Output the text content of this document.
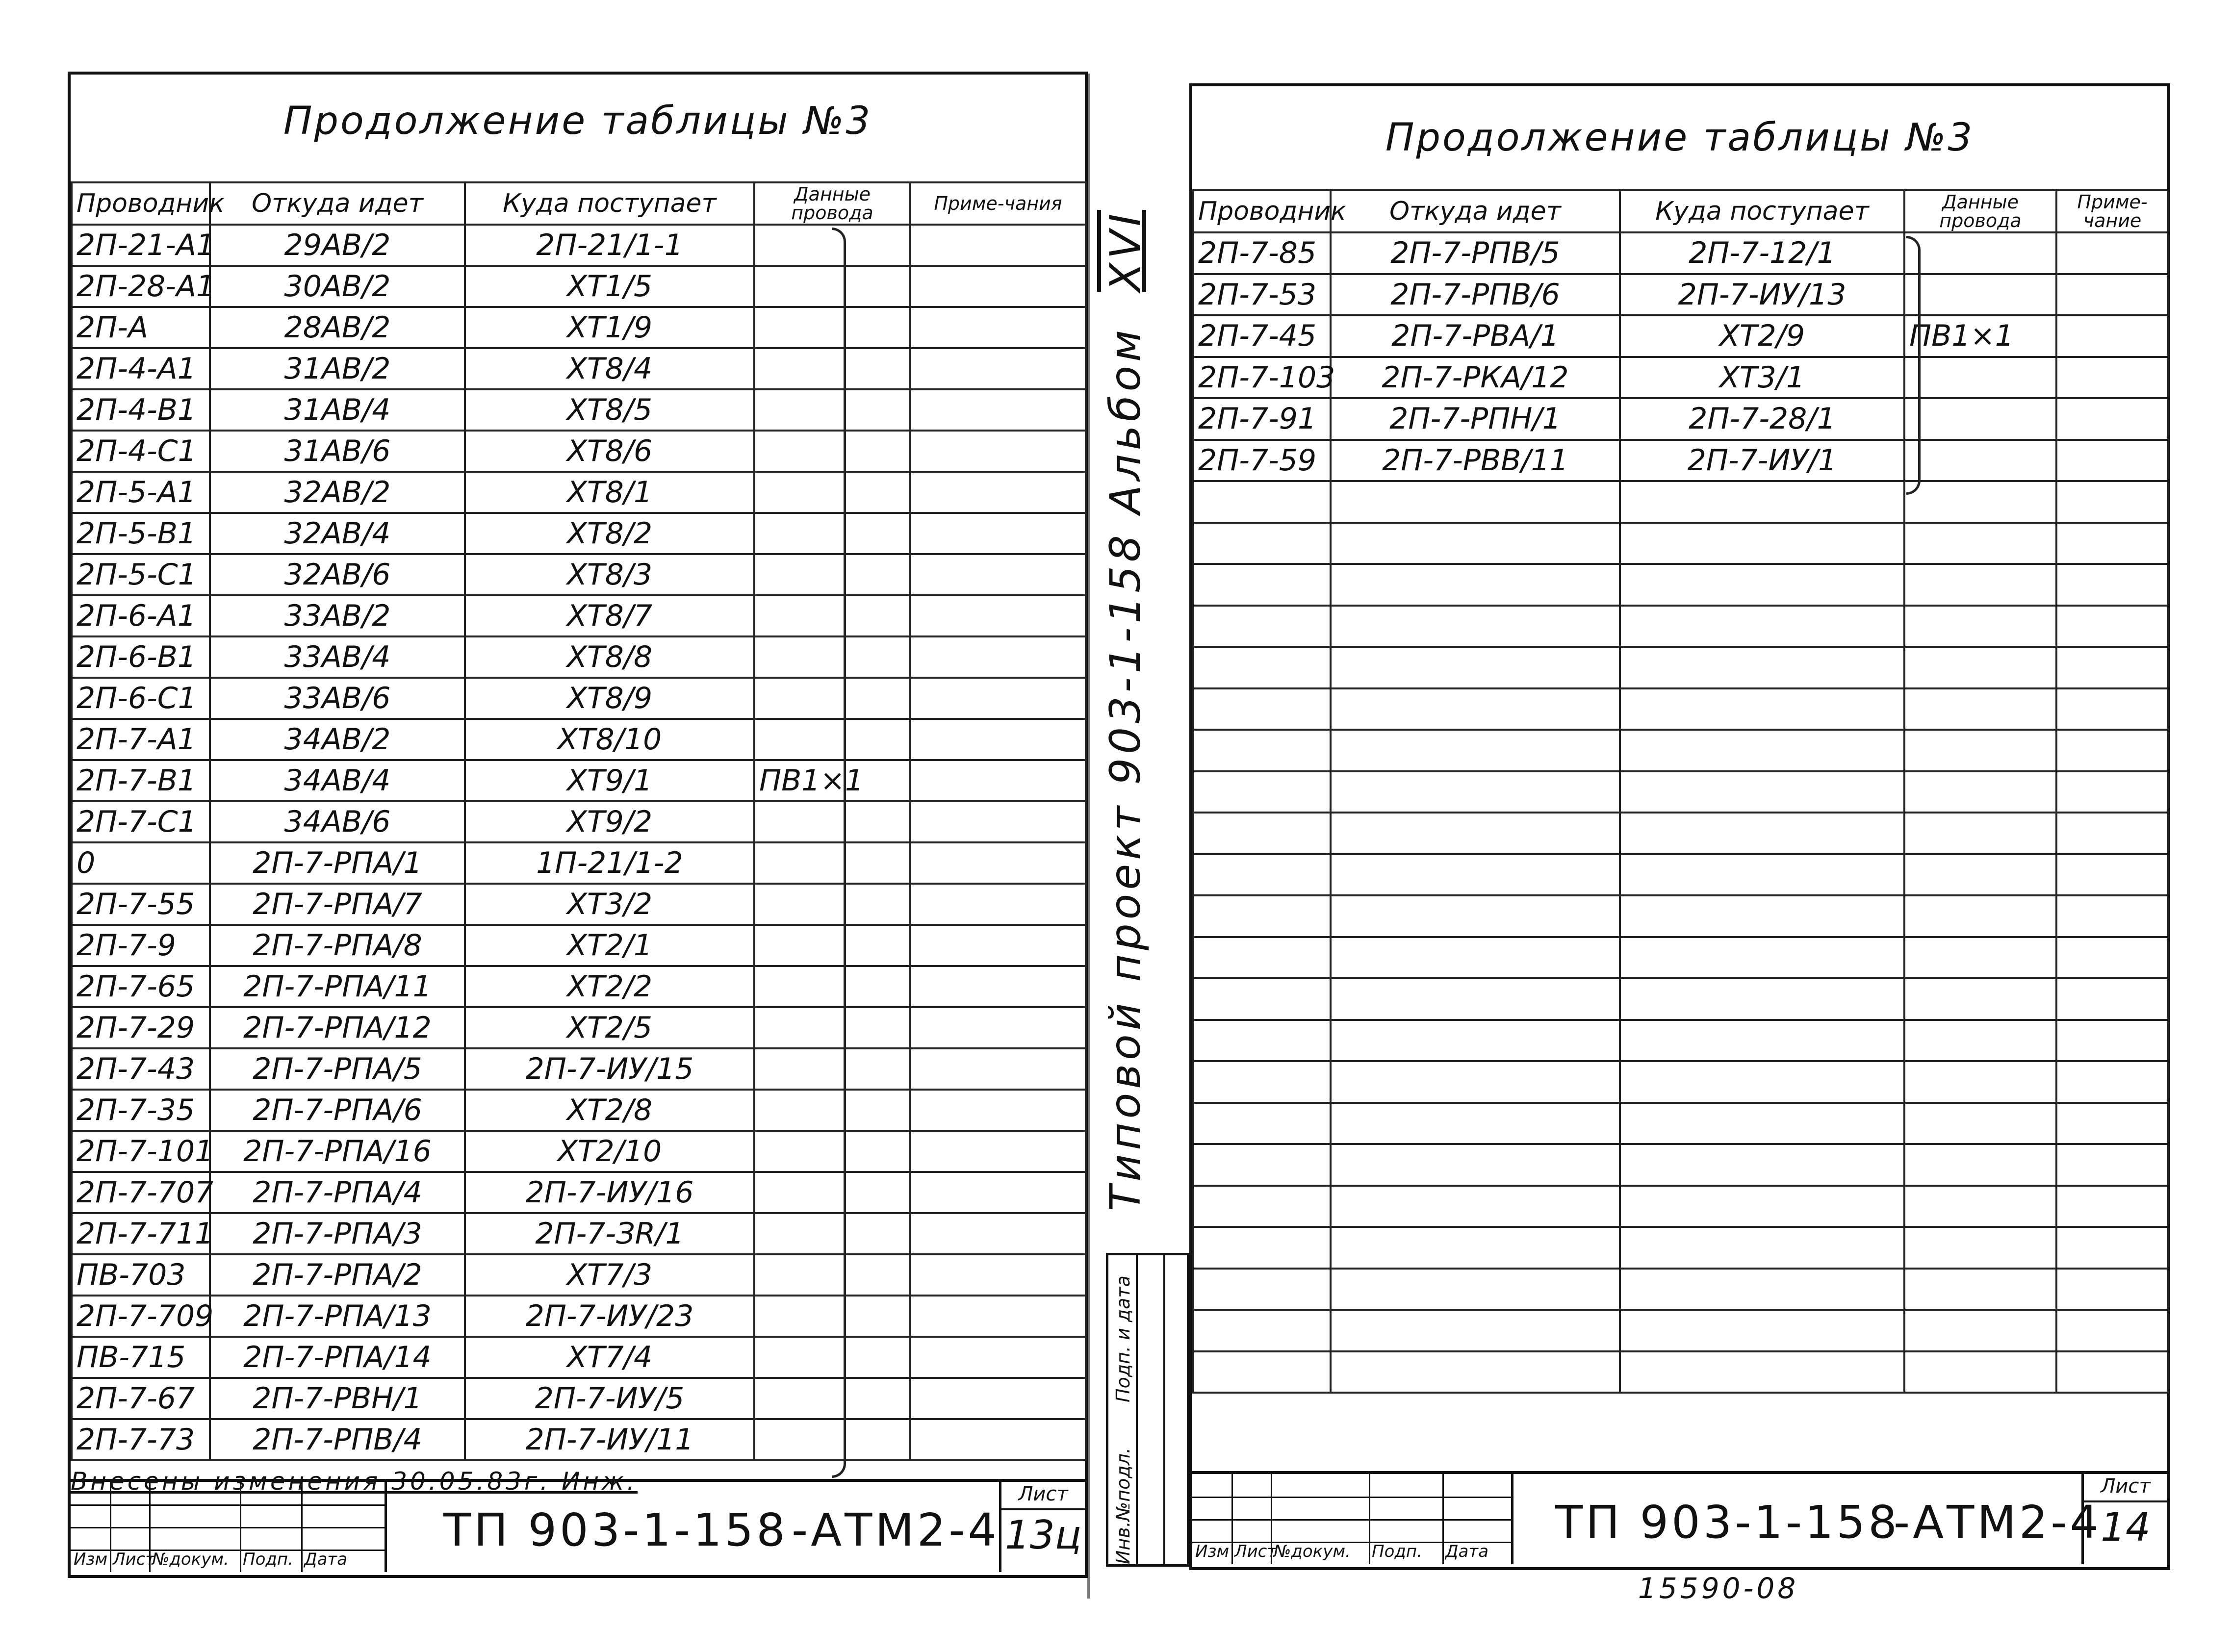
Продолжение таблицы №3
Проводник	Откуда идет	Куда поступает	Данные провода	Приме-чания
2П-21-А1	29АВ/2	2П-21/1-1		
2П-28-А1	30АВ/2	ХТ1/5		
2П-А	28АВ/2	ХТ1/9		
2П-4-А1	31АВ/2	ХТ8/4		
2П-4-В1	31АВ/4	ХТ8/5		
2П-4-С1	31АВ/6	ХТ8/6		
2П-5-А1	32АВ/2	ХТ8/1		
2П-5-В1	32АВ/4	ХТ8/2		
2П-5-С1	32АВ/6	ХТ8/3		
2П-6-А1	33АВ/2	ХТ8/7		
2П-6-В1	33АВ/4	ХТ8/8		
2П-6-С1	33АВ/6	ХТ8/9		
2П-7-А1	34АВ/2	ХТ8/10		
2П-7-В1	34АВ/4	ХТ9/1	ПВ1×1	
2П-7-С1	34АВ/6	ХТ9/2		
0	2П-7-РПА/1	1П-21/1-2		
2П-7-55	2П-7-РПА/7	ХТ3/2		
2П-7-9	2П-7-РПА/8	ХТ2/1		
2П-7-65	2П-7-РПА/11	ХТ2/2		
2П-7-29	2П-7-РПА/12	ХТ2/5		
2П-7-43	2П-7-РПА/5	2П-7-ИУ/15		
2П-7-35	2П-7-РПА/6	ХТ2/8		
2П-7-101	2П-7-РПА/16	ХТ2/10		
2П-7-707	2П-7-РПА/4	2П-7-ИУ/16		
2П-7-711	2П-7-РПА/3	2П-7-ЗR/1		
ПВ-703	2П-7-РПА/2	ХТ7/3		
2П-7-709	2П-7-РПА/13	2П-7-ИУ/23		
ПВ-715	2П-7-РПА/14	ХТ7/4		
2П-7-67	2П-7-РВН/1	2П-7-ИУ/5		
2П-7-73	2П-7-РПВ/4	2П-7-ИУ/11		
Внесены изменения 30.05.83г. Инж.
Изм Лист
№докум. Подп. Дата
ТП 903-1-158 -АТМ2-4
Лист
13ц
Типовой проект 903-1-158 АльбомXVI
Инв.№подл.
Подп. и дата
Продолжение таблицы №3
Проводник	Откуда идет	Куда поступает	Данные провода	Приме-чание
2П-7-85	2П-7-РПВ/5	2П-7-12/1		
2П-7-53	2П-7-РПВ/6	2П-7-ИУ/13		
2П-7-45	2П-7-РВА/1	ХТ2/9	ПВ1×1	
2П-7-103	2П-7-РКА/12	ХТ3/1		
2П-7-91	2П-7-РПН/1	2П-7-28/1		
2П-7-59	2П-7-РВВ/11	2П-7-ИУ/1		

Изм Лист
№докум. Подп. Дата
ТП 903-1-158
-АТМ2-4
Лист
14
15590-08
